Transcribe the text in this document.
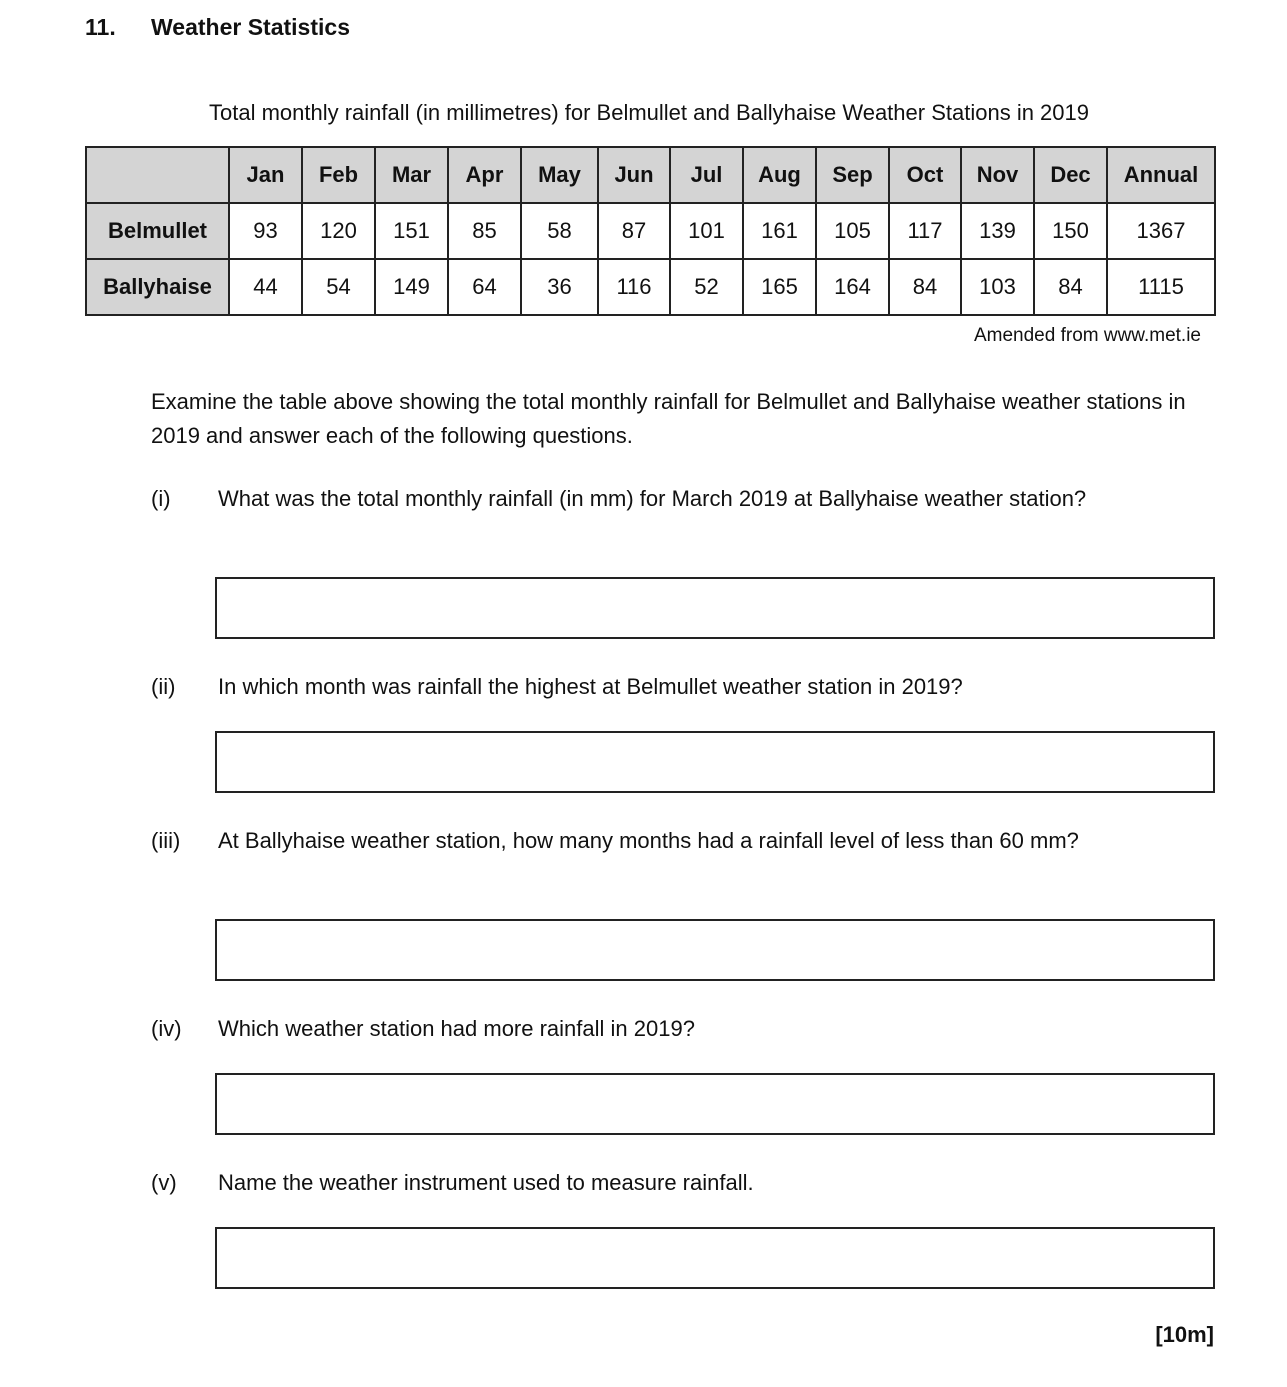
11. Weather Statistics
Total monthly rainfall (in millimetres) for Belmullet and Ballyhaise Weather Stations in 2019
	Jan	Feb	Mar	Apr	May	Jun	Jul	Aug	Sep	Oct	Nov	Dec	Annual
Belmullet	93	120	151	85	58	87	101	161	105	117	139	150	1367
Ballyhaise	44	54	149	64	36	116	52	165	164	84	103	84	1115
Amended from www.met.ie
Examine the table above showing the total monthly rainfall for Belmullet and Ballyhaise weather stations in 2019 and answer each of the following questions.
(i)	What was the total monthly rainfall (in mm) for March 2019 at Ballyhaise weather station?
(ii)	In which month was rainfall the highest at Belmullet weather station in 2019?
(iii)	At Ballyhaise weather station, how many months had a rainfall level of less than 60 mm?
(iv)	Which weather station had more rainfall in 2019?
(v)	Name the weather instrument used to measure rainfall.
[10m]
